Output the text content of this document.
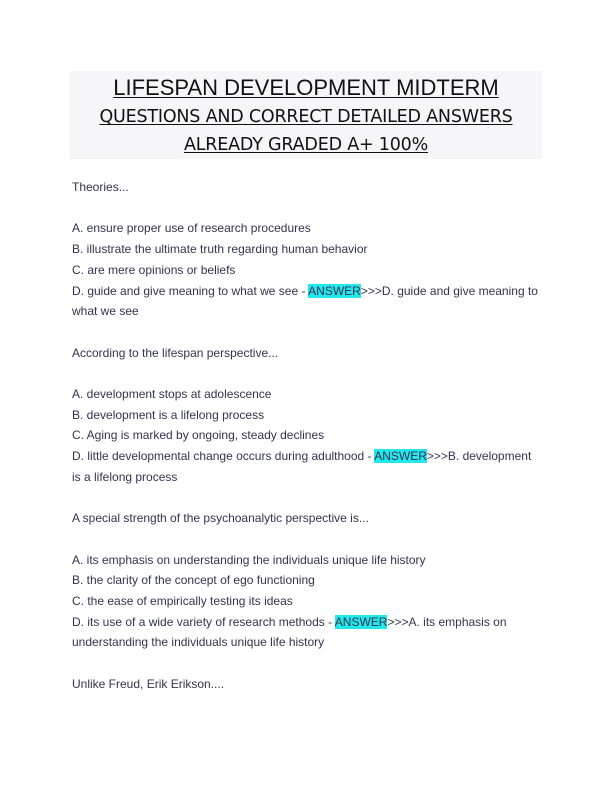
LIFESPAN DEVELOPMENT MIDTERM
QUESTIONS AND CORRECT DETAILED ANSWERS
ALREADY GRADED A+ 100%
Theories...
A. ensure proper use of research procedures
B. illustrate the ultimate truth regarding human behavior
C. are mere opinions or beliefs
D. guide and give meaning to what we see - ANSWER>>>D. guide and give meaning to
what we see
According to the lifespan perspective...
A. development stops at adolescence
B. development is a lifelong process
C. Aging is marked by ongoing, steady declines
D. little developmental change occurs during adulthood - ANSWER>>>B. development
is a lifelong process
A special strength of the psychoanalytic perspective is...
A. its emphasis on understanding the individuals unique life history
B. the clarity of the concept of ego functioning
C. the ease of empirically testing its ideas
D. its use of a wide variety of research methods - ANSWER>>>A. its emphasis on
understanding the individuals unique life history
Unlike Freud, Erik Erikson....
